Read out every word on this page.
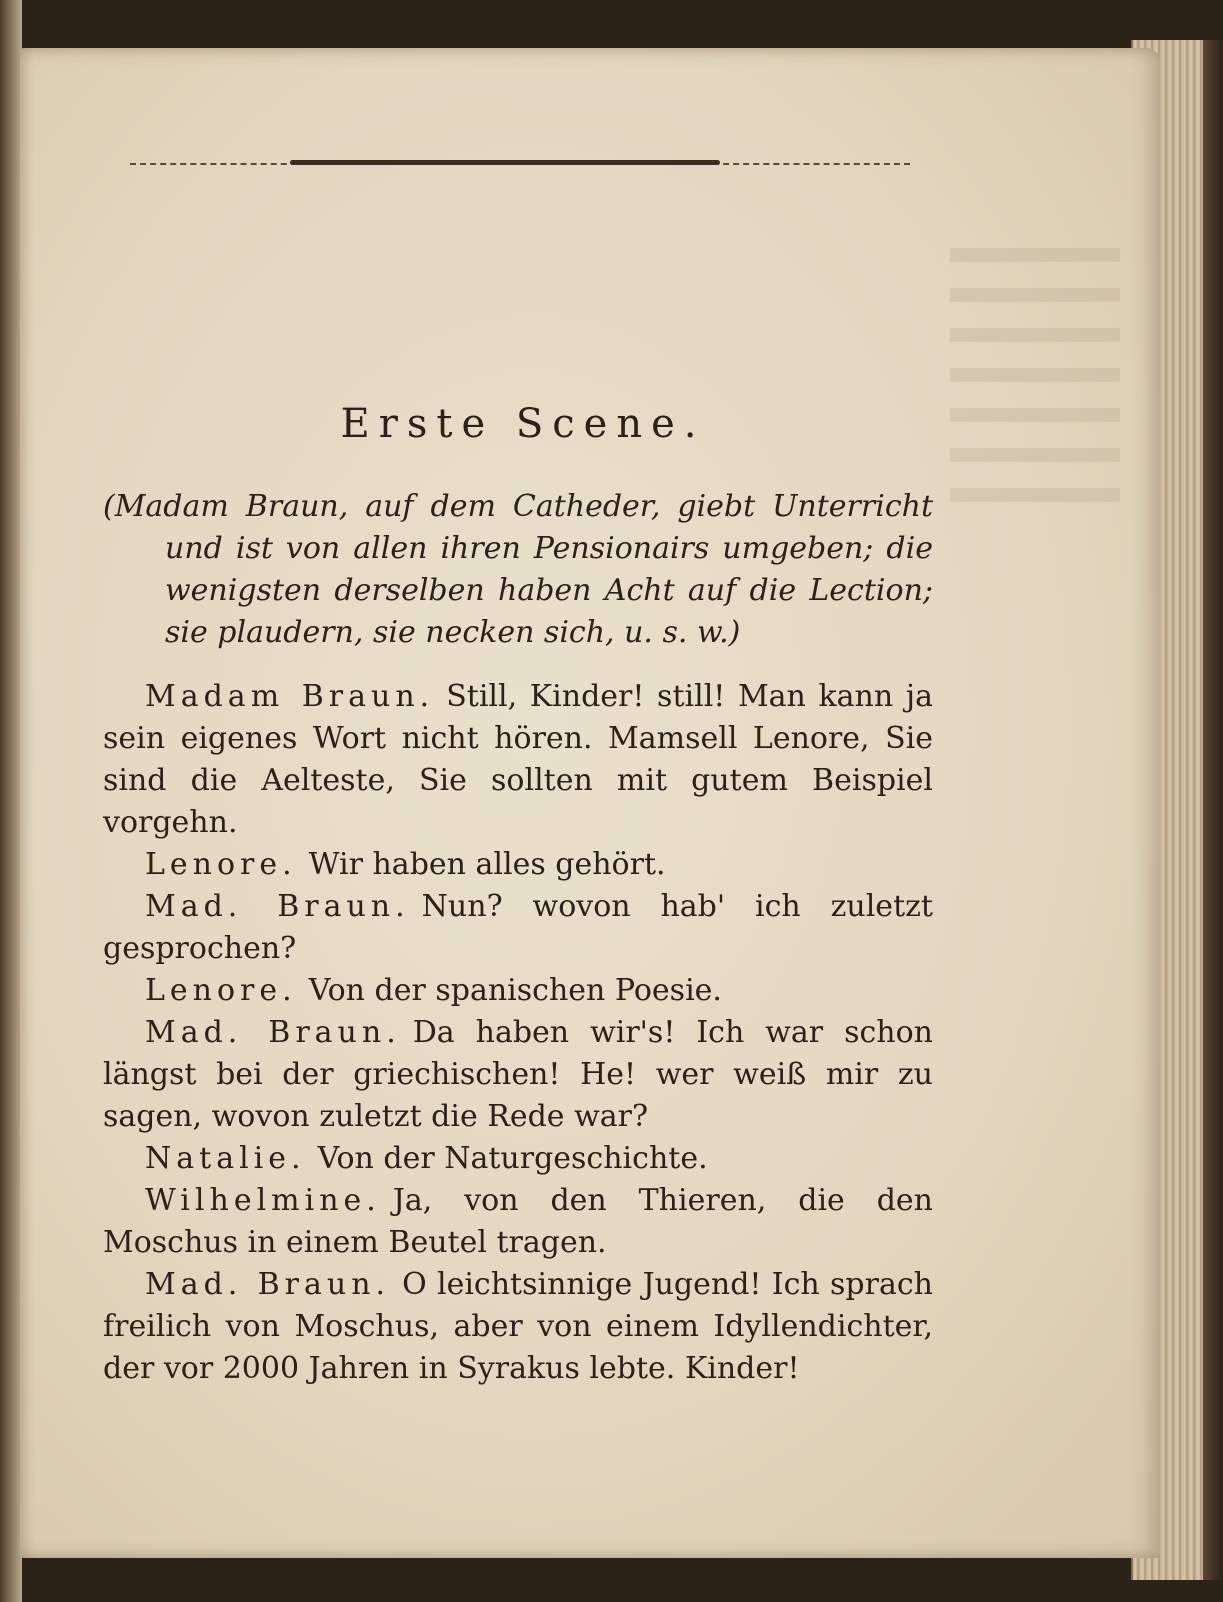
Erste Scene.

(Madam Braun, auf dem Catheder, giebt Unterricht und ist von allen ihren Pensionairs umgeben; die wenigsten derselben haben Acht auf die Lection; sie plaudern, sie necken sich, u. s. w.)

Madam Braun. Still, Kinder! still! Man kann ja sein eigenes Wort nicht hören. Mamsell Lenore, Sie sind die Aelteste, Sie sollten mit gutem Beispiel vorgehn.

Lenore. Wir haben alles gehört.

Mad. Braun. Nun? wovon hab' ich zuletzt gesprochen?

Lenore. Von der spanischen Poesie.

Mad. Braun. Da haben wir's! Ich war schon längst bei der griechischen! He! wer weiß mir zu sagen, wovon zuletzt die Rede war?

Natalie. Von der Naturgeschichte.

Wilhelmine. Ja, von den Thieren, die den Moschus in einem Beutel tragen.

Mad. Braun. O leichtsinnige Jugend! Ich sprach freilich von Moschus, aber von einem Idyllendichter, der vor 2000 Jahren in Syrakus lebte. Kinder!
